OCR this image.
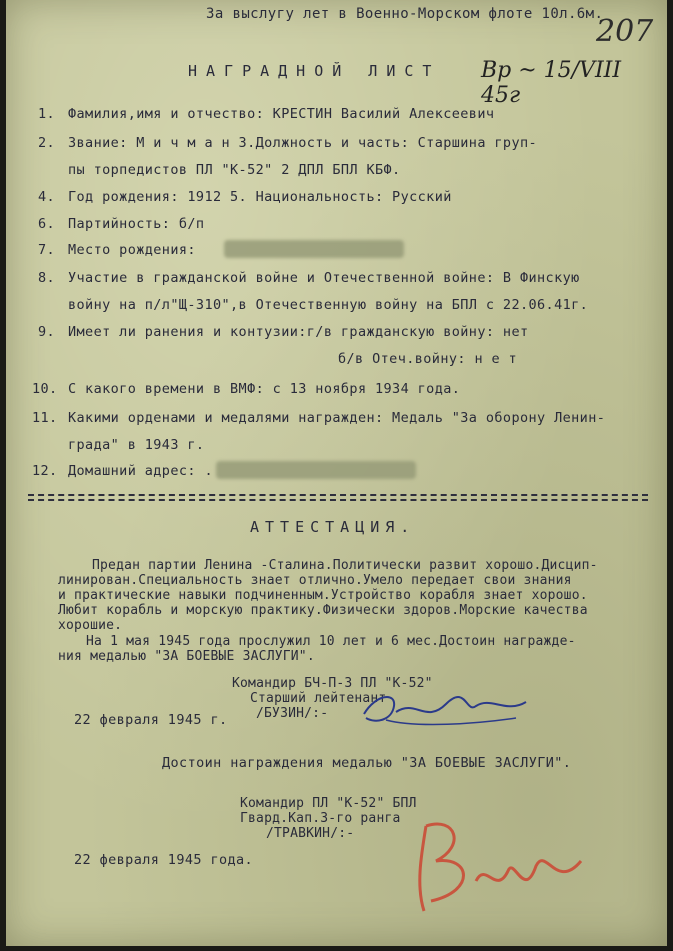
За выслугу лет в Военно-Морском флоте 10л.6м.
207
НАГРАДНОЙ ЛИСТ Вр ~ 15/VIII 45г
1. Фамилия,имя и отчество: КРЕСТИН Василий Алексеевич
2. Звание: М и ч м а н 3.Должность и часть: Старшина груп-
пы торпедистов ПЛ "К-52" 2 ДПЛ БПЛ КБФ.
4. Год рождения: 1912 5. Национальность: Русский
6. Партийность: б/п
7. Место рождения:
8. Участие в гражданской войне и Отечественной войне: В Финскую
войну на п/л"Щ-310",в Отечественную войну на БПЛ с 22.06.41г.
9. Имеет ли ранения и контузии:г/в гражданскую войну: нет
б/в Отеч.войну: н е т
10. С какого времени в ВМФ: с 13 ноября 1934 года.
11. Какими орденами и медалями награжден: Медаль "За оборону Ленин-
града" в 1943 г.
12. Домашний адрес: .
АТТЕСТАЦИЯ.
Предан партии Ленина -Сталина.Политически развит хорошо.Дисцип-
линирован.Специальность знает отлично.Умело передает свои знания
и практические навыки подчиненным.Устройство корабля знает хорошо.
Любит корабль и морскую практику.Физически здоров.Морские качества
хорошие.
На 1 мая 1945 года прослужил 10 лет и 6 мес.Достоин награжде-
ния медалью "ЗА БОЕВЫЕ ЗАСЛУГИ".
Командир БЧ-П-3 ПЛ "К-52"
Старший лейтенант
/БУЗИН/:-
22 февраля 1945 г.
Достоин награждения медалью "ЗА БОЕВЫЕ ЗАСЛУГИ".
Командир ПЛ "К-52" БПЛ
Гвард.Кап.3-го ранга
/ТРАВКИН/:-
22 февраля 1945 года.
